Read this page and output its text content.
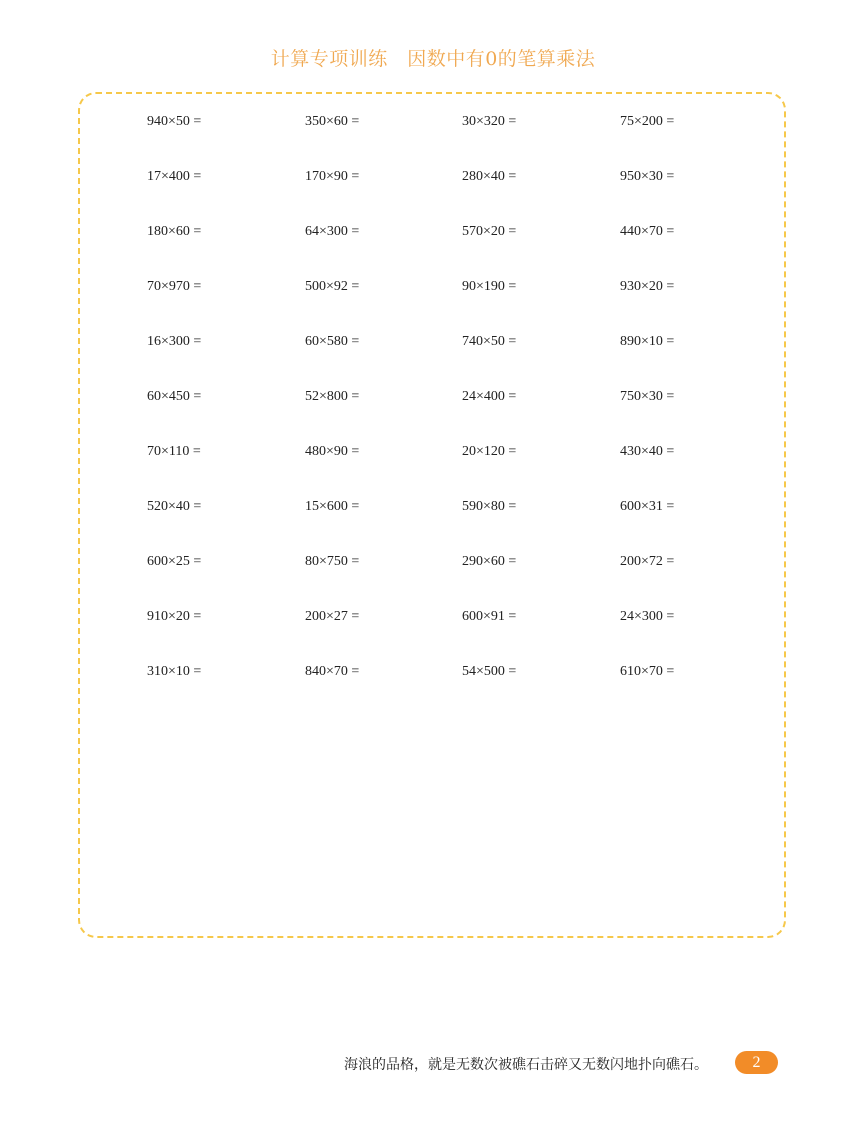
计算专项训练　因数中有0的笔算乘法
940×50 =	350×60 =	30×320 =	75×200 =
17×400 =	170×90 =	280×40 =	950×30 =
180×60 =	64×300 =	570×20 =	440×70 =
70×970 =	500×92 =	90×190 =	930×20 =
16×300 =	60×580 =	740×50 =	890×10 =
60×450 =	52×800 =	24×400 =	750×30 =
70×110 =	480×90 =	20×120 =	430×40 =
520×40 =	15×600 =	590×80 =	600×31 =
600×25 =	80×750 =	290×60 =	200×72 =
910×20 =	200×27 =	600×91 =	24×300 =
310×10 =	840×70 =	54×500 =	610×70 =
海浪的品格，就是无数次被礁石击碎又无数闪地扑向礁石。	2
